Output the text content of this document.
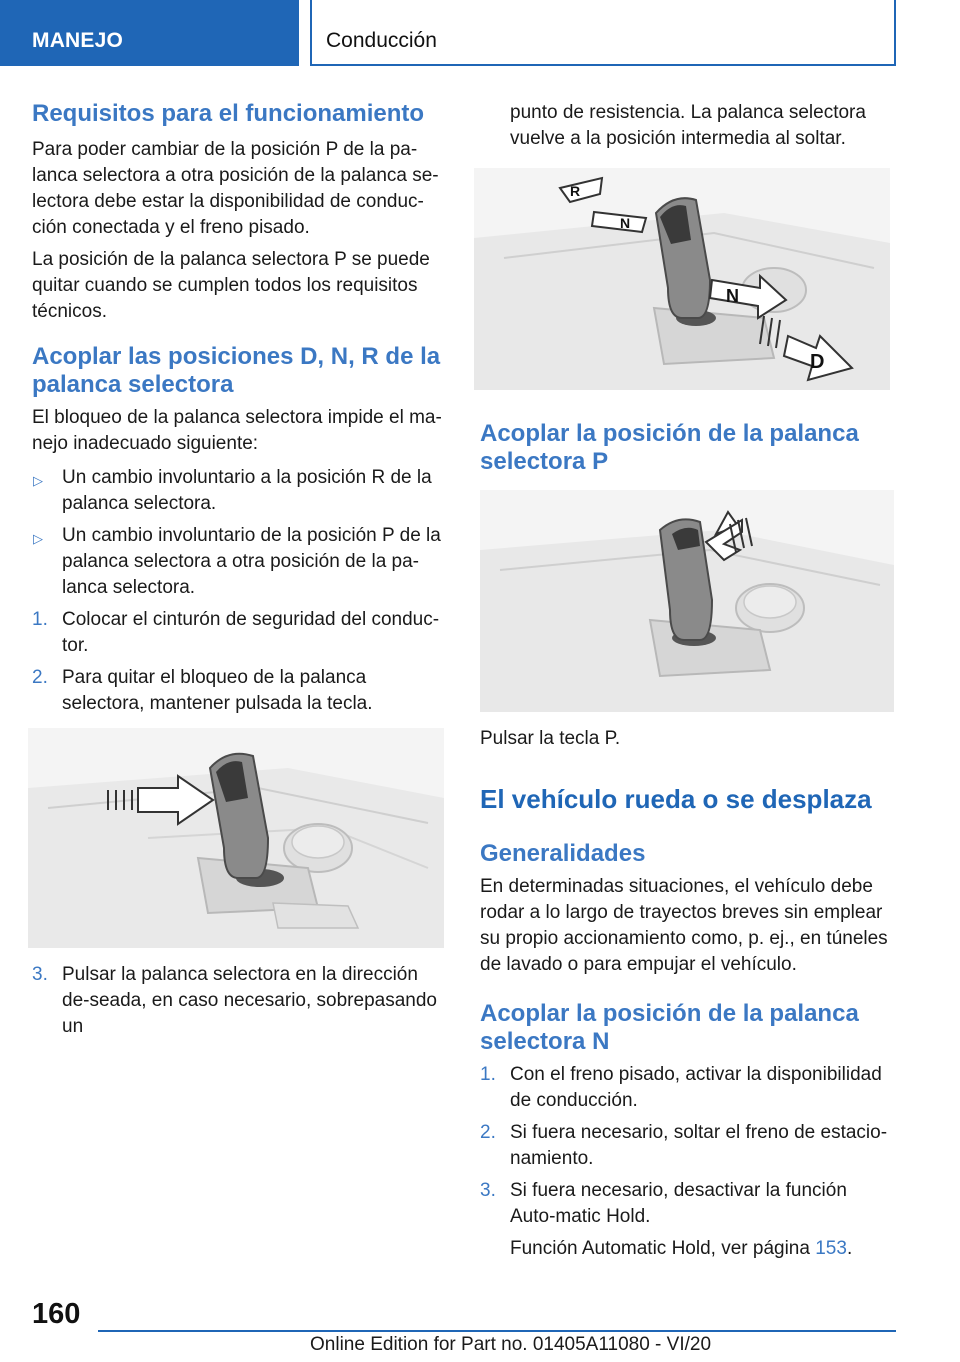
MANEJO	Conducción
Requisitos para el funcionamiento

Para poder cambiar de la posición P de la pa-lanca selectora a otra posición de la palanca se-lectora debe estar la disponibilidad de conduc-ción conectada y el freno pisado.

La posición de la palanca selectora P se puede quitar cuando se cumplen todos los requisitos técnicos.

Acoplar las posiciones D, N, R de la palanca selectora

El bloqueo de la palanca selectora impide el ma-nejo inadecuado siguiente:

▷ Un cambio involuntario a la posición R de la palanca selectora.
▷ Un cambio involuntario de la posición P de la palanca selectora a otra posición de la pa-lanca selectora.
1. Colocar el cinturón de seguridad del conduc-tor.
2. Para quitar el bloqueo de la palanca selectora, mantener pulsada la tecla.
3. Pulsar la palanca selectora en la dirección de-seada, en caso necesario, sobrepasando un

punto de resistencia. La palanca selectora vuelve a la posición intermedia al soltar.

R
N
N
D
Acoplar la posición de la palanca selectora P

Pulsar la tecla P.

El vehículo rueda o se desplaza
Generalidades

En determinadas situaciones, el vehículo debe rodar a lo largo de trayectos breves sin emplear su propio accionamiento como, p. ej., en túneles de lavado o para empujar el vehículo.

Acoplar la posición de la palanca selectora N
1. Con el freno pisado, activar la disponibilidad de conducción.
2. Si fuera necesario, soltar el freno de estacio-namiento.
3. Si fuera necesario, desactivar la función Auto-matic Hold.

Función Automatic Hold, ver página 153.

160
Online Edition for Part no. 01405A11080 - VI/20
